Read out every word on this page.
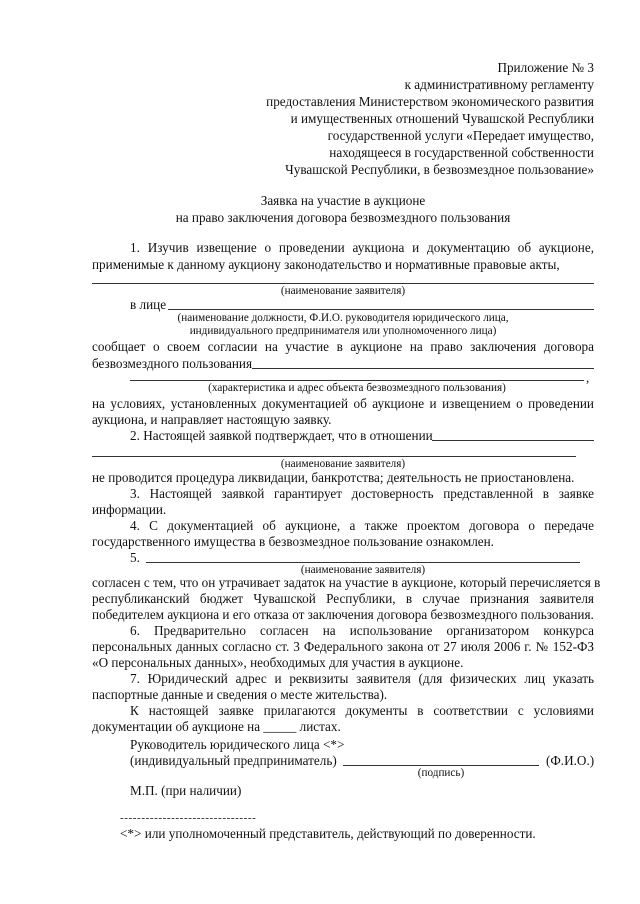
Приложение № 3
к административному регламенту
предоставления Министерством экономического развития
и имущественных отношений Чувашской Республики
государственной услуги «Передает имущество,
находящееся в государственной собственности
Чувашской Республики, в безвозмездное пользование»
Заявка на участие в аукционе
на право заключения договора безвозмездного пользования
1. Изучив извещение о проведении аукциона и документацию об аукционе,
применимые к данному аукциону законодательство и нормативные правовые акты,
(наименование заявителя)
в лице
(наименование должности, Ф.И.О. руководителя юридического лица,
индивидуального предпринимателя или уполномоченного лица)
сообщает о своем согласии на участие в аукционе на право заключения договора
безвозмездного пользования
,
(характеристика и адрес объекта безвозмездного пользования)
на условиях, установленных документацией об аукционе и извещением о проведении
аукциона, и направляет настоящую заявку.
2. Настоящей заявкой подтверждает, что в отношении
(наименование заявителя)
не проводится процедура ликвидации, банкротства; деятельность не приостановлена.
3. Настоящей заявкой гарантирует достоверность представленной в заявке
информации.
4. С документацией об аукционе, а также проектом договора о передаче
государственного имущества в безвозмездное пользование ознакомлен.
5.
(наименование заявителя)
согласен с тем, что он утрачивает задаток на участие в аукционе, который перечисляется в
республиканский бюджет Чувашской Республики, в случае признания заявителя
победителем аукциона и его отказа от заключения договора безвозмездного пользования.
6. Предварительно согласен на использование организатором конкурса
персональных данных согласно ст. 3 Федерального закона от 27 июля 2006 г. № 152-ФЗ
«О персональных данных», необходимых для участия в аукционе.
7. Юридический адрес и реквизиты заявителя (для физических лиц указать
паспортные данные и сведения о месте жительства).
К настоящей заявке прилагаются документы в соответствии с условиями
документации об аукционе на _____ листах.
Руководитель юридического лица <*>
(индивидуальный предприниматель)	(Ф.И.О.)
(подпись)
М.П. (при наличии)
--------------------------------
<*> или уполномоченный представитель, действующий по доверенности.
